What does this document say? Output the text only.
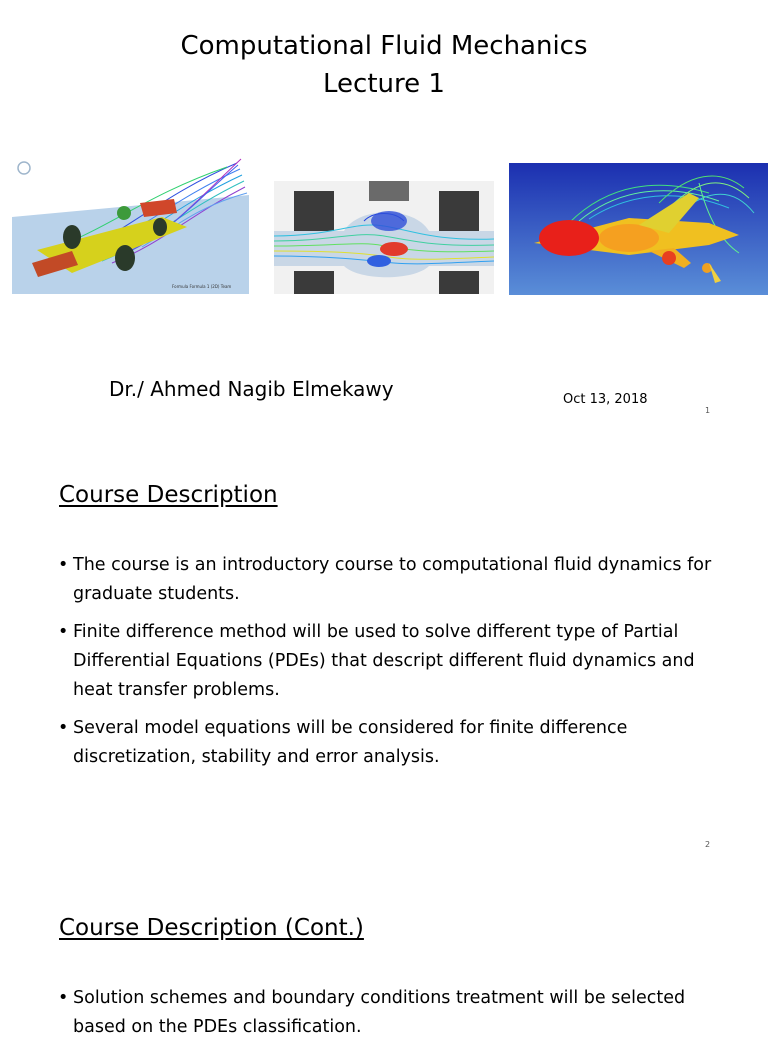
Computational Fluid Mechanics
Lecture 1
Formula Formula 1 (2D) Team
Dr./ Ahmed Nagib Elmekawy	Oct 13, 2018
1
Course Description
• The course is an introductory course to computational fluid dynamics for graduate students.
• Finite difference method will be used to solve different type of Partial Differential Equations (PDEs) that descript different fluid dynamics and heat transfer problems.
• Several model equations will be considered for finite difference discretization, stability and error analysis.
2
Course Description (Cont.)
• Solution schemes and boundary conditions treatment will be selected based on the PDEs classification.
